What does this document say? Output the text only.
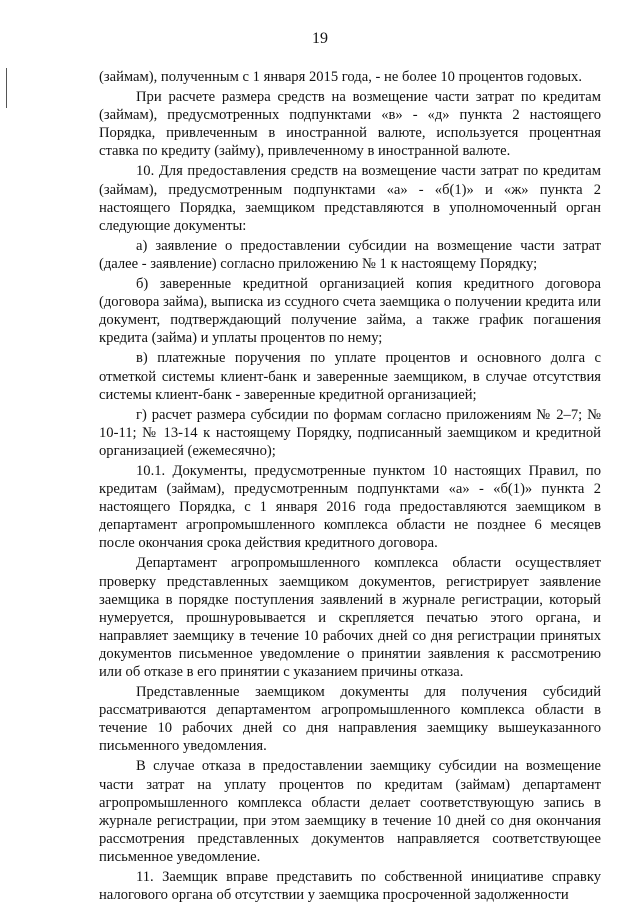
19

(займам), полученным с 1 января 2015 года, - не более 10 процентов годовых.

При расчете размера средств на возмещение части затрат по кредитам (займам), предусмотренных подпунктами «в» - «д» пункта 2 настоящего Порядка, привлеченным в иностранной валюте, используется процентная ставка по кредиту (займу), привлеченному в иностранной валюте.

10. Для предоставления средств на возмещение части затрат по кредитам (займам), предусмотренным подпунктами «а» - «б(1)» и «ж» пункта 2 настоящего Порядка, заемщиком представляются в уполномоченный орган следующие документы:

а) заявление о предоставлении субсидии на возмещение части затрат (далее - заявление) согласно приложению № 1 к настоящему Порядку;

б) заверенные кредитной организацией копия кредитного договора (договора займа), выписка из ссудного счета заемщика о получении кредита или документ, подтверждающий получение займа, а также график погашения кредита (займа) и уплаты процентов по нему;

в) платежные поручения по уплате процентов и основного долга с отметкой системы клиент-банк и заверенные заемщиком, в случае отсутствия системы клиент-банк - заверенные кредитной организацией;

г) расчет размера субсидии по формам согласно приложениям № 2–7; № 10-11; № 13-14 к настоящему Порядку, подписанный заемщиком и кредитной организацией (ежемесячно);

10.1. Документы, предусмотренные пунктом 10 настоящих Правил, по кредитам (займам), предусмотренным подпунктами «а» - «б(1)» пункта 2 настоящего Порядка, с 1 января 2016 года предоставляются заемщиком в департамент агропромышленного комплекса области не позднее 6 месяцев после окончания срока действия кредитного договора.

Департамент агропромышленного комплекса области осуществляет проверку представленных заемщиком документов, регистрирует заявление заемщика в порядке поступления заявлений в журнале регистрации, который нумеруется, прошнуровывается и скрепляется печатью этого органа, и направляет заемщику в течение 10 рабочих дней со дня регистрации принятых документов письменное уведомление о принятии заявления к рассмотрению или об отказе в его принятии с указанием причины отказа.

Представленные заемщиком документы для получения субсидий рассматриваются департаментом агропромышленного комплекса области в течение 10 рабочих дней со дня направления заемщику вышеуказанного письменного уведомления.

В случае отказа в предоставлении заемщику субсидии на возмещение части затрат на уплату процентов по кредитам (займам) департамент агропромышленного комплекса области делает соответствующую запись в журнале регистрации, при этом заемщику в течение 10 дней со дня окончания рассмотрения представленных документов направляется соответствующее письменное уведомление.

11. Заемщик вправе представить по собственной инициативе справку налогового органа об отсутствии у заемщика просроченной задолженности
